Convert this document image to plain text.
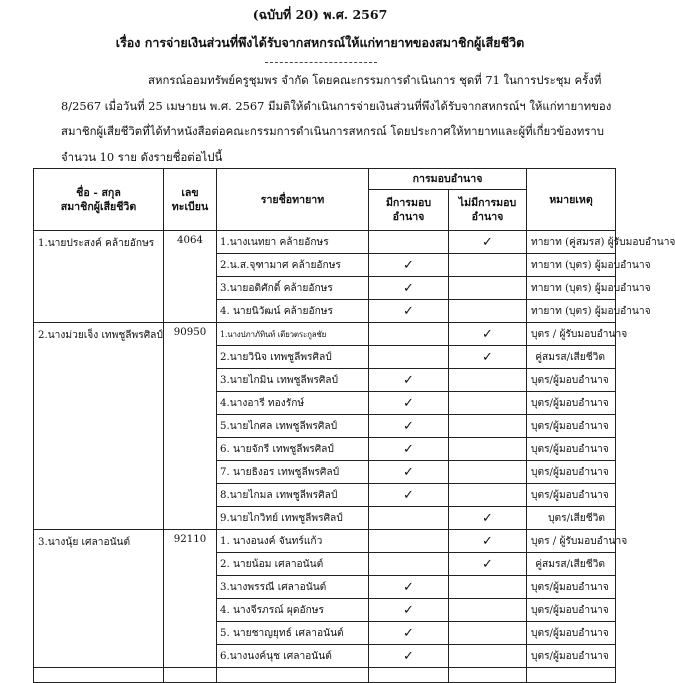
(ฉบับที่ 20) พ.ศ. 2567
เรื่อง การจ่ายเงินส่วนที่พึงได้รับจากสหกรณ์ให้แก่ทายาทของสมาชิกผู้เสียชีวิต
สหกรณ์ออมทรัพย์ครูชุมพร จำกัด โดยคณะกรรมการดำเนินการ ชุดที่ 71 ในการประชุม ครั้งที่
8/2567 เมื่อวันที่ 25 เมษายน พ.ศ. 2567 มีมติให้ดำเนินการจ่ายเงินส่วนที่พึงได้รับจากสหกรณ์ฯ ให้แก่ทายาทของ
สมาชิกผู้เสียชีวิตที่ได้ทำหนังสือต่อคณะกรรมการดำเนินการสหกรณ์ โดยประกาศให้ทายาทและผู้ที่เกี่ยวข้องทราบ
จำนวน 10 ราย ดังรายชื่อต่อไปนี้
ชื่อ - สกุล
สมาชิกผู้เสียชีวิต	เลข
ทะเบียน	รายชื่อทายาท	การมอบอำนาจ		หมายเหตุ
			มีการมอบ
อำนาจ	ไม่มีการมอบ
อำนาจ	
1.นายประสงค์ คล้ายอักษร	4064	1.นางเนทยา คล้ายอักษร		✓	ทายาท (คู่สมรส) ผู้รับมอบอำนาจ
		2.น.ส.จุฑามาศ คล้ายอักษร	✓		ทายาท (บุตร) ผู้มอบอำนาจ
		3.นายอดิศักดิ์ คล้ายอักษร	✓		ทายาท (บุตร) ผู้มอบอำนาจ
		4. นายนิวัฒน์ คล้ายอักษร	✓		ทายาท (บุตร) ผู้มอบอำนาจ
2.นางม่วยเจ็ง เทพชูลีพรศิลป์	90950	1.นางปภาภัทินท์ เตียวตระกูลชัย		✓	บุตร / ผู้รับมอบอำนาจ
		2.นายวินิจ เทพชูลีพรศิลป์		✓	คู่สมรส/เสียชีวิต
		3.นายไกมิน เทพชูลีพรศิลป์	✓		บุตร/ผู้มอบอำนาจ
		4.นางอารี ทองรักษ์	✓		บุตร/ผู้มอบอำนาจ
		5.นายไกศล เทพชูลีพรศิลป์	✓		บุตร/ผู้มอบอำนาจ
		6. นายจักรี เทพชูลีพรศิลป์	✓		บุตร/ผู้มอบอำนาจ
		7. นายธิงอร เทพชูลีพรศิลป์	✓		บุตร/ผู้มอบอำนาจ
		8.นายไกมล เทพชูลีพรศิลป์	✓		บุตร/ผู้มอบอำนาจ
		9.นายไกวิทย์ เทพชูลีพรศิลป์		✓	บุตร/เสียชีวิต
3.นางนุ้ย เศลาอนันต์	92110	1. นางอนงค์ จันทร์แก้ว		✓	บุตร / ผู้รับมอบอำนาจ
		2. นายน้อม เศลาอนันต์		✓	คู่สมรส/เสียชีวิต
		3.นางพรรณี เศลาอนันต์	✓		บุตร/ผู้มอบอำนาจ
		4. นางจีรภรณ์ ผุดอักษร	✓		บุตร/ผู้มอบอำนาจ
		5. นายชาญยุทธ์ เศลาอนันต์	✓		บุตร/ผู้มอบอำนาจ
		6.นางนงค์นุช เศลาอนันต์	✓		บุตร/ผู้มอบอำนาจ
